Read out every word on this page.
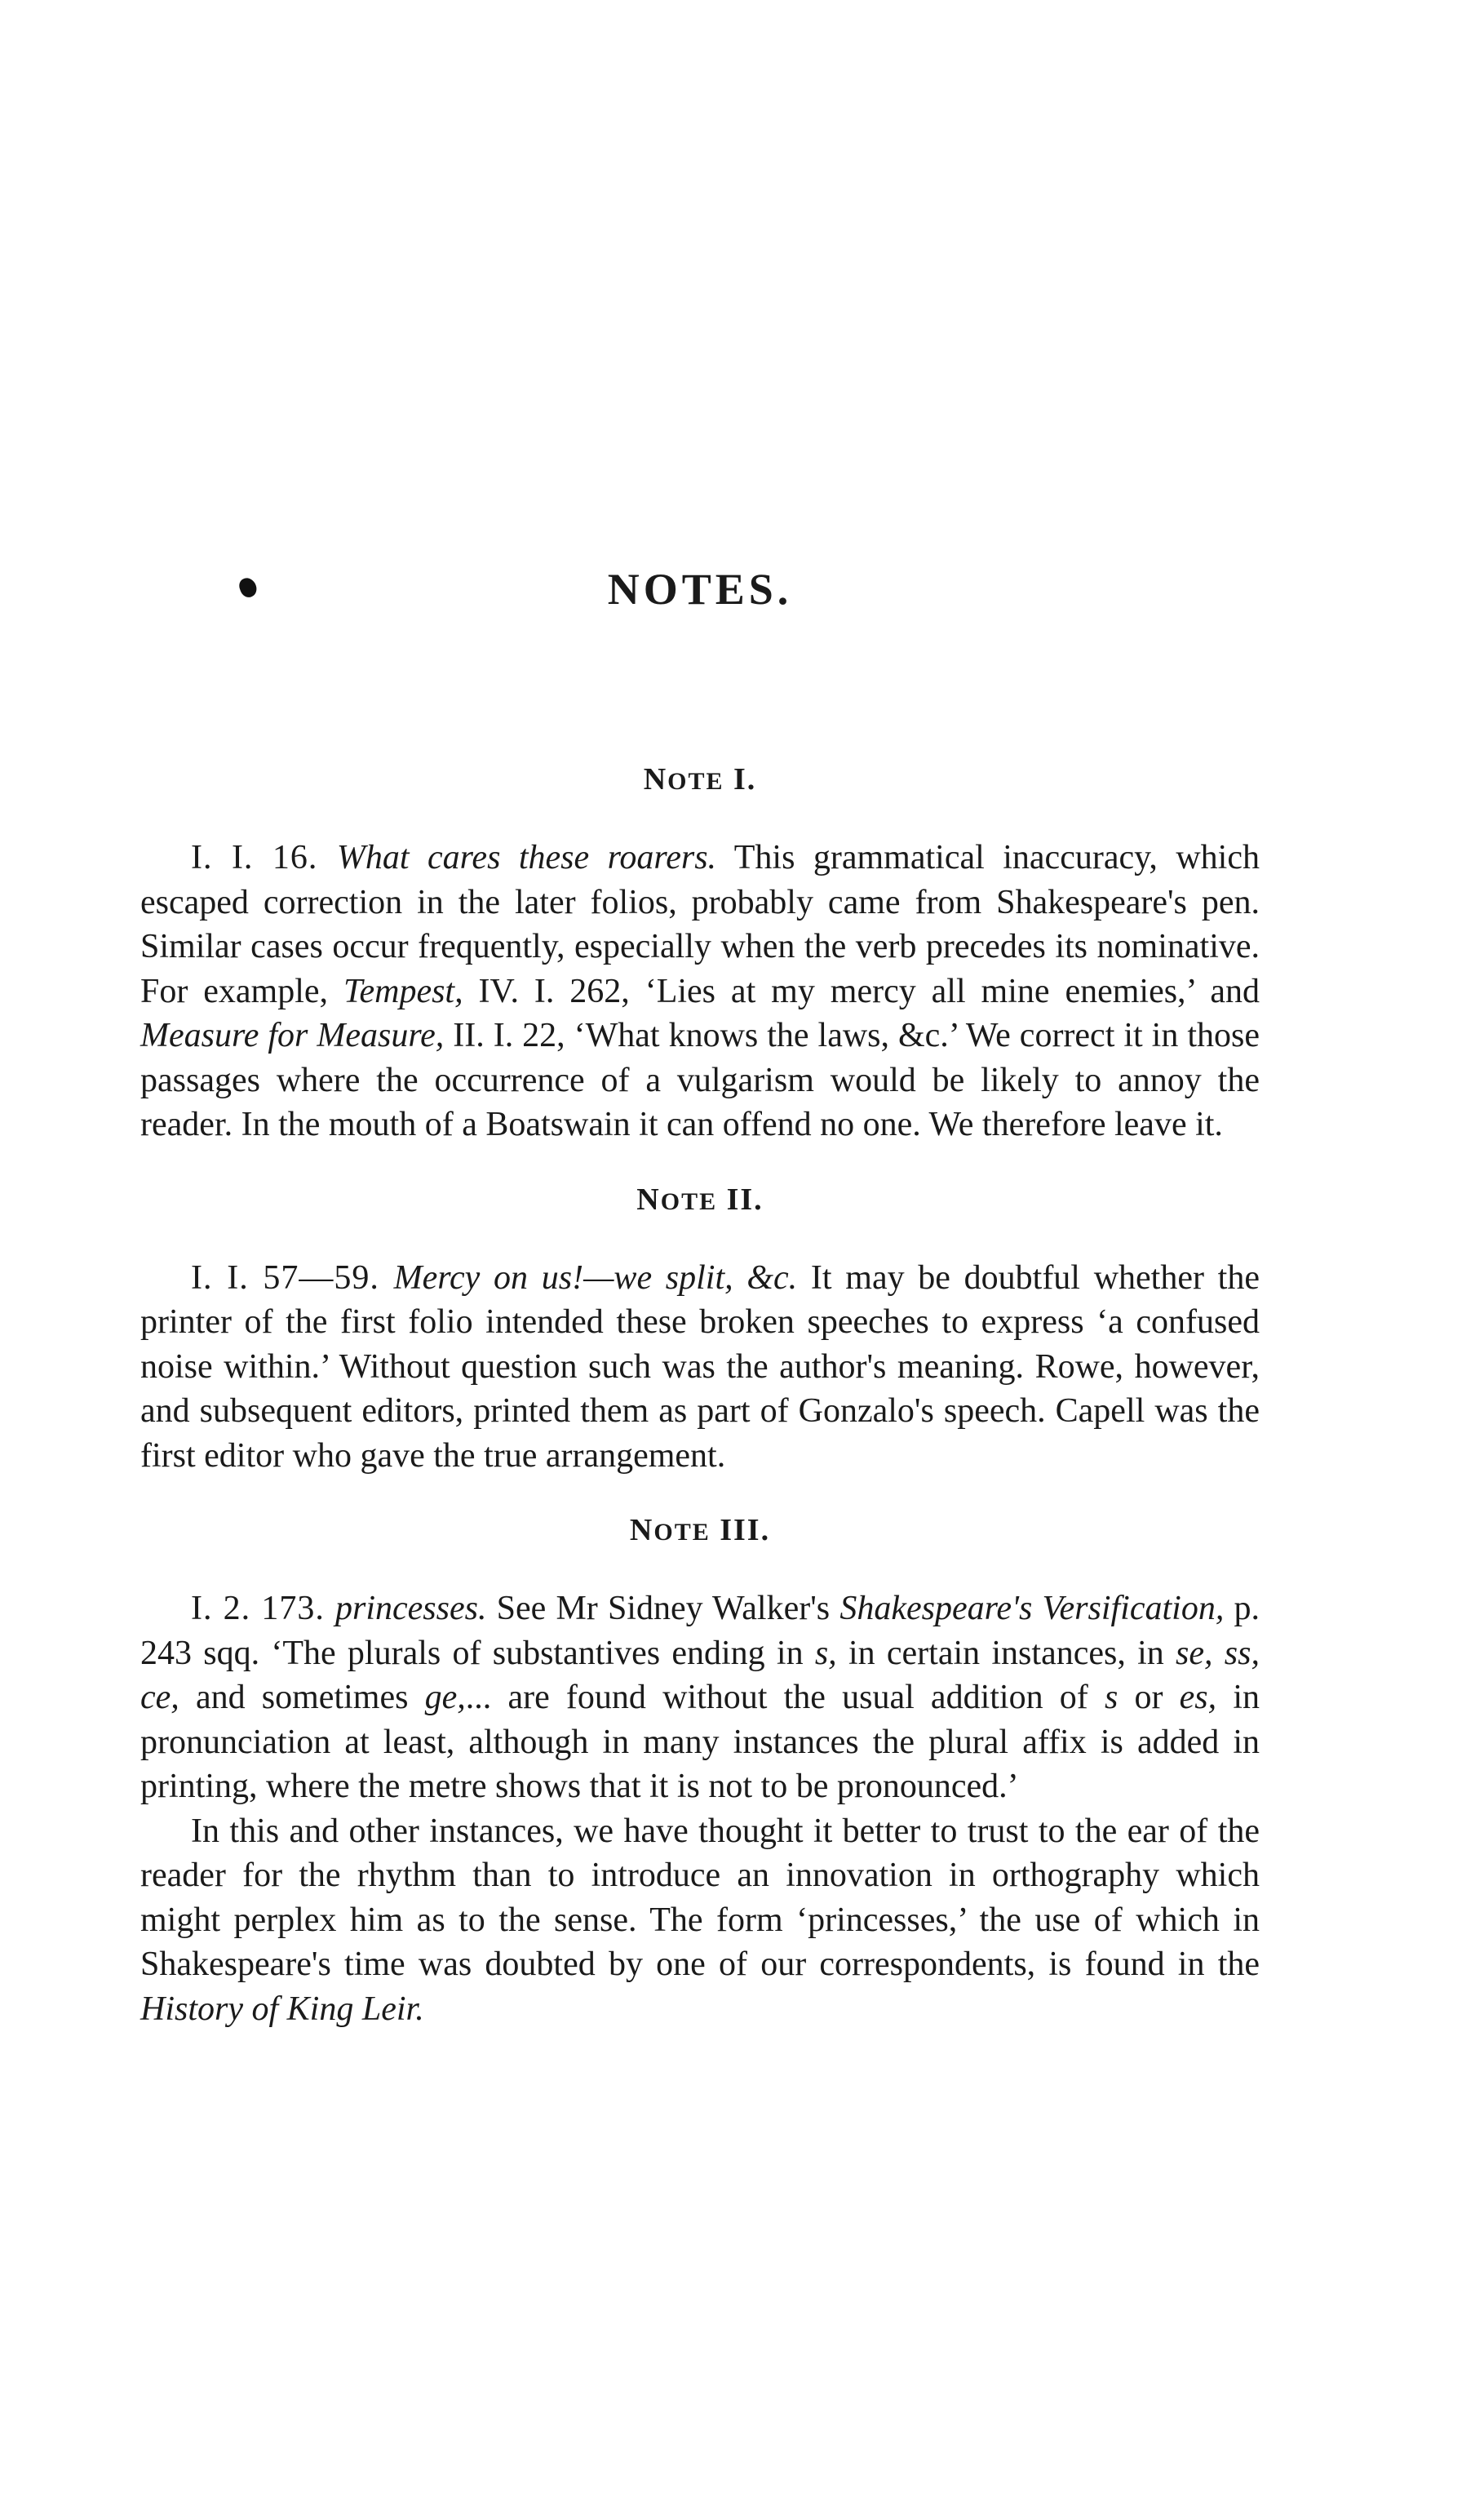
NOTES.
NOTE I.

I. I. 16. What cares these roarers. This grammatical inaccuracy, which escaped correction in the later folios, probably came from Shakespeare's pen. Similar cases occur frequently, especially when the verb precedes its nominative. For example, Tempest, IV. I. 262, ‘Lies at my mercy all mine enemies,’ and Measure for Measure, II. I. 22, ‘What knows the laws, &c.’ We correct it in those passages where the occurrence of a vulgarism would be likely to annoy the reader. In the mouth of a Boatswain it can offend no one. We therefore leave it.

NOTE II.

I. I. 57—59. Mercy on us!—we split, &c. It may be doubtful whether the printer of the first folio intended these broken speeches to express ‘a confused noise within.’ Without question such was the author's meaning. Rowe, however, and subsequent editors, printed them as part of Gonzalo's speech. Capell was the first editor who gave the true arrangement.

NOTE III.

I. 2. 173. princesses. See Mr Sidney Walker's Shakespeare's Versification, p. 243 sqq. ‘The plurals of substantives ending in s, in certain instances, in se, ss, ce, and sometimes ge,... are found without the usual addition of s or es, in pronunciation at least, although in many instances the plural affix is added in printing, where the metre shows that it is not to be pronounced.’

In this and other instances, we have thought it better to trust to the ear of the reader for the rhythm than to introduce an innovation in orthography which might perplex him as to the sense. The form ‘princesses,’ the use of which in Shakespeare's time was doubted by one of our correspondents, is found in the History of King Leir.
